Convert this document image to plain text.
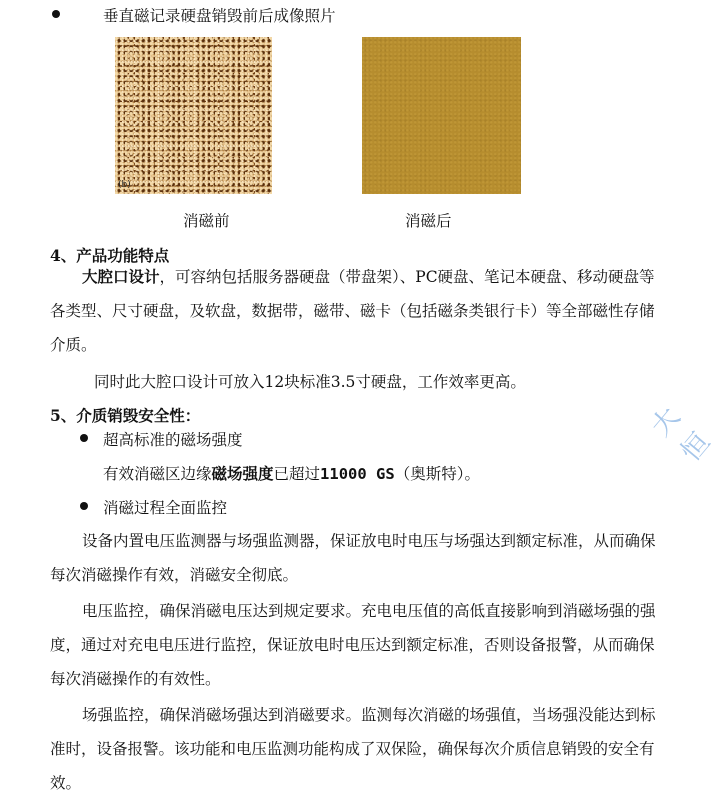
垂直磁记录硬盘销毁前后成像照片
(b)
消磁前	消磁后
4、产品功能特点
大腔口设计，可容纳包括服务器硬盘（带盘架）、PC硬盘、笔记本硬盘、移动硬盘等各类型、尺寸硬盘，及软盘，数据带，磁带、磁卡（包括磁条类银行卡）等全部磁性存储介质。
同时此大腔口设计可放入12块标准3.5寸硬盘，工作效率更高。
5、介质销毁安全性：
超高标准的磁场强度
有效消磁区边缘磁场强度已超过11000 GS（奥斯特）。
消磁过程全面监控
设备内置电压监测器与场强监测器，保证放电时电压与场强达到额定标准，从而确保每次消磁操作有效，消磁安全彻底。
电压监控，确保消磁电压达到规定要求。充电电压值的高低直接影响到消磁场强的强度，通过对充电电压进行监控，保证放电时电压达到额定标准，否则设备报警，从而确保每次消磁操作的有效性。
场强监控，确保消磁场强达到消磁要求。监测每次消磁的场强值，当场强没能达到标准时，设备报警。该功能和电压监测功能构成了双保险，确保每次介质信息销毁的安全有效。
大恒
